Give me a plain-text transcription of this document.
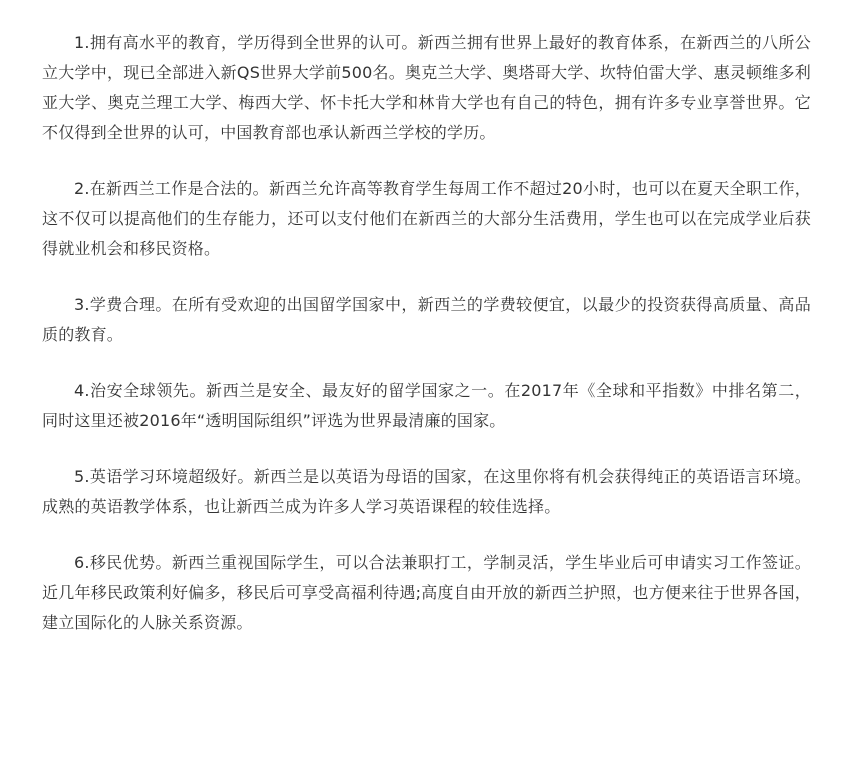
1.拥有高水平的教育，学历得到全世界的认可。新西兰拥有世界上最好的教育体系，在新西兰的八所公立大学中，现已全部进入新QS世界大学前500名。奥克兰大学、奥塔哥大学、坎特伯雷大学、惠灵顿维多利亚大学、奥克兰理工大学、梅西大学、怀卡托大学和林肯大学也有自己的特色，拥有许多专业享誉世界。它不仅得到全世界的认可，中国教育部也承认新西兰学校的学历。

2.在新西兰工作是合法的。新西兰允许高等教育学生每周工作不超过20小时，也可以在夏天全职工作，这不仅可以提高他们的生存能力，还可以支付他们在新西兰的大部分生活费用，学生也可以在完成学业后获得就业机会和移民资格。

3.学费合理。在所有受欢迎的出国留学国家中，新西兰的学费较便宜，以最少的投资获得高质量、高品质的教育。

4.治安全球领先。新西兰是安全、最友好的留学国家之一。在2017年《全球和平指数》中排名第二，同时这里还被2016年“透明国际组织”评选为世界最清廉的国家。

5.英语学习环境超级好。新西兰是以英语为母语的国家，在这里你将有机会获得纯正的英语语言环境。成熟的英语教学体系，也让新西兰成为许多人学习英语课程的较佳选择。

6.移民优势。新西兰重视国际学生，可以合法兼职打工，学制灵活，学生毕业后可申请实习工作签证。近几年移民政策利好偏多，移民后可享受高福利待遇;高度自由开放的新西兰护照，也方便来往于世界各国，建立国际化的人脉关系资源。
